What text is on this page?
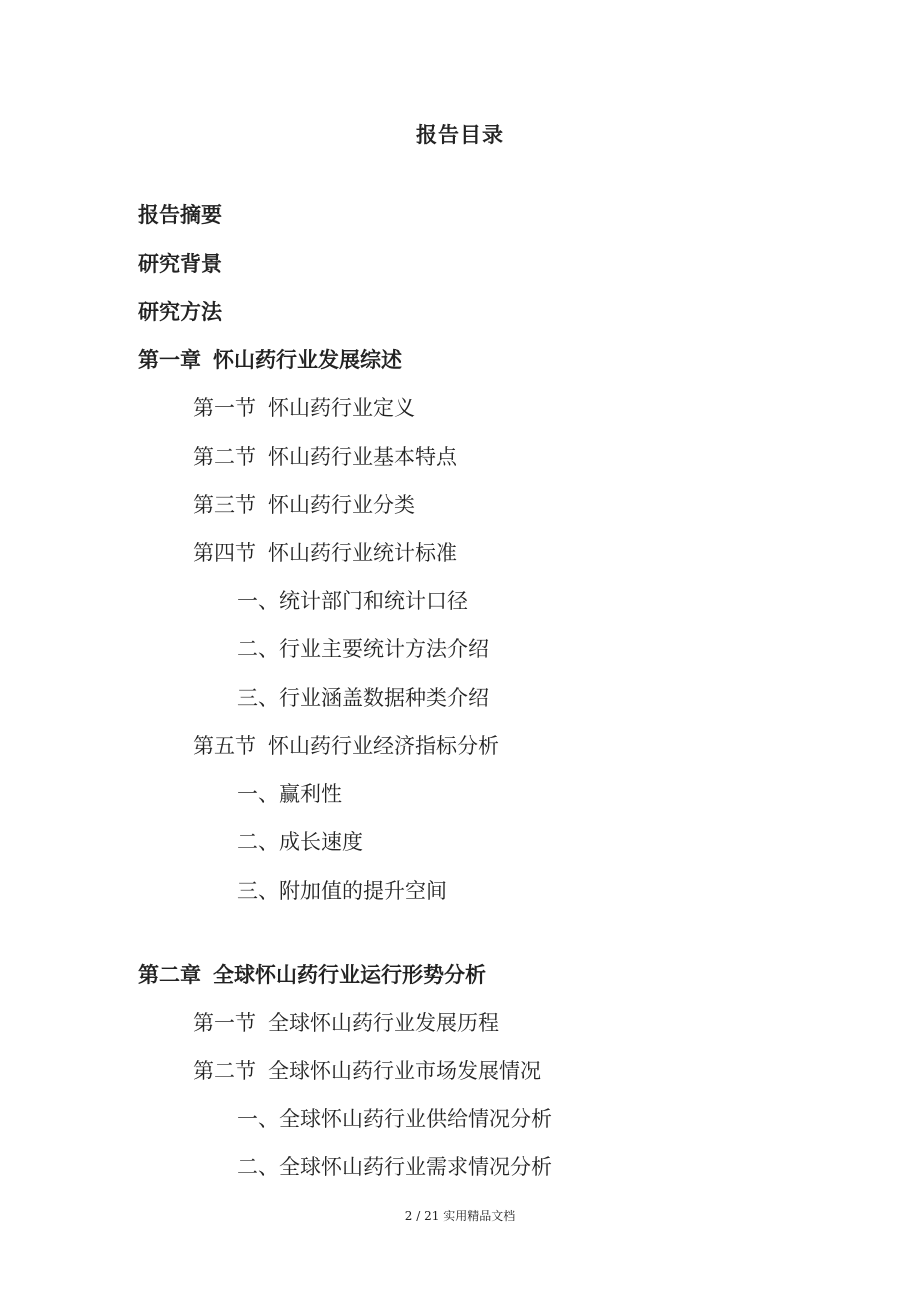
报告目录
报告摘要
研究背景
研究方法
第一章 怀山药行业发展综述
第一节 怀山药行业定义
第二节 怀山药行业基本特点
第三节 怀山药行业分类
第四节 怀山药行业统计标准
一、统计部门和统计口径
二、行业主要统计方法介绍
三、行业涵盖数据种类介绍
第五节 怀山药行业经济指标分析
一、赢利性
二、成长速度
三、附加值的提升空间
第二章 全球怀山药行业运行形势分析
第一节 全球怀山药行业发展历程
第二节 全球怀山药行业市场发展情况
一、全球怀山药行业供给情况分析
二、全球怀山药行业需求情况分析
2 / 21 实用精品文档
